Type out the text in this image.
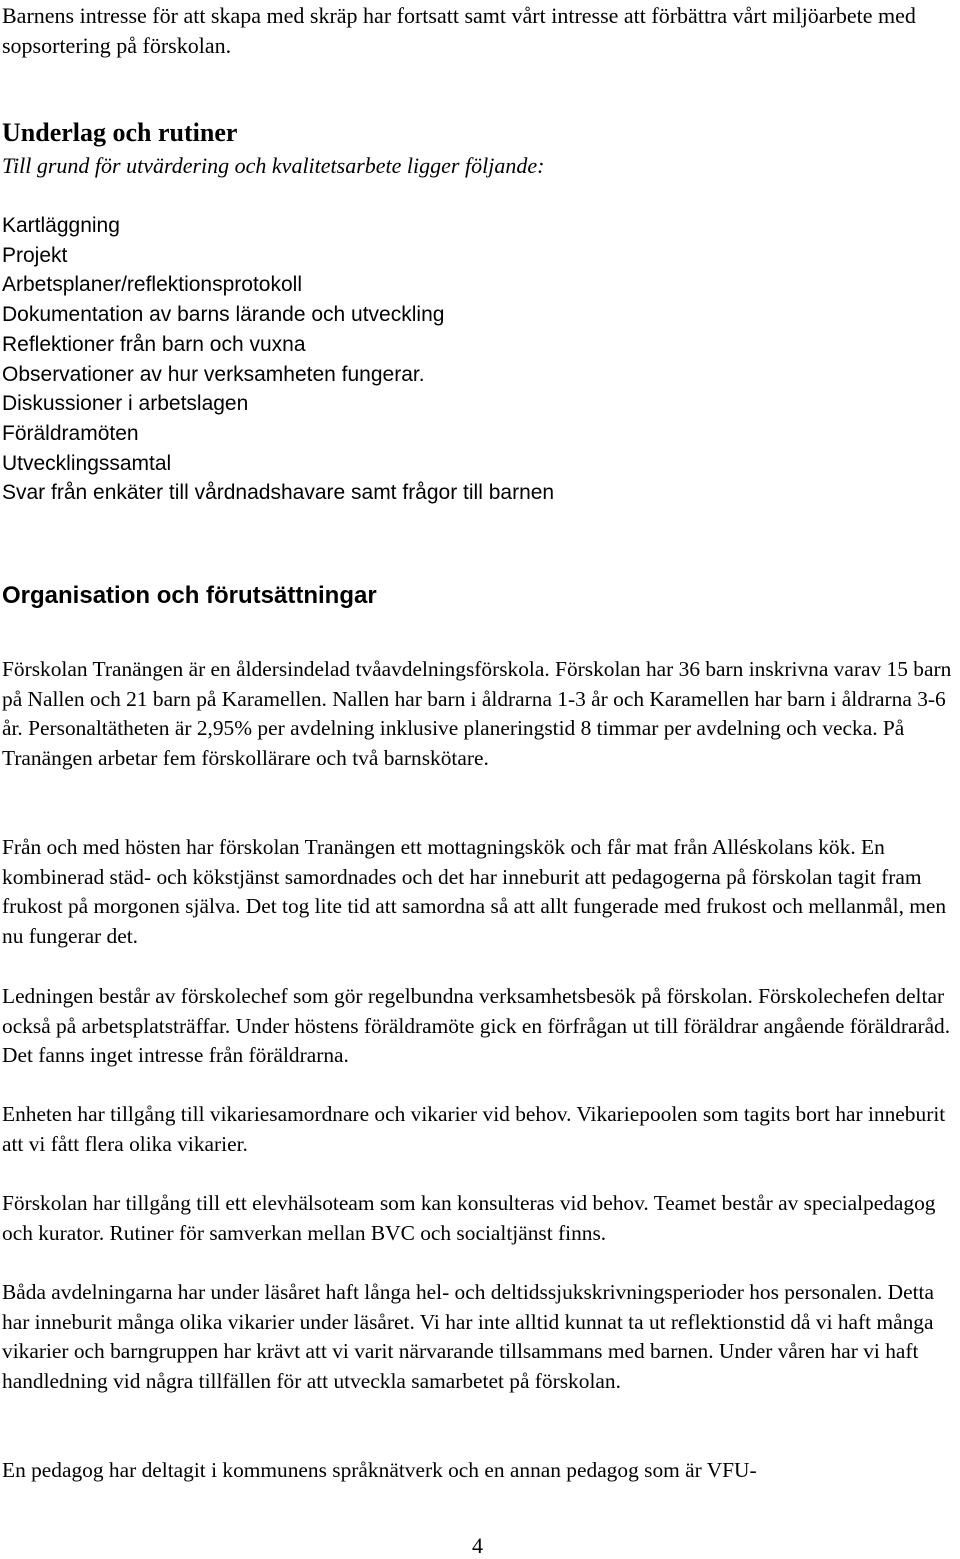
Barnens intresse för att skapa med skräp har fortsatt samt vårt intresse att förbättra vårt miljöarbete med sopsortering på förskolan.

Underlag och rutiner

Till grund för utvärdering och kvalitetsarbete ligger följande:

Kartläggning
Projekt
Arbetsplaner/reflektionsprotokoll
Dokumentation av barns lärande och utveckling
Reflektioner från barn och vuxna
Observationer av hur verksamheten fungerar.
Diskussioner i arbetslagen
Föräldramöten
Utvecklingssamtal
Svar från enkäter till vårdnadshavare samt frågor till barnen
Organisation och förutsättningar

Förskolan Tranängen är en åldersindelad tvåavdelningsförskola. Förskolan har 36 barn inskrivna varav 15 barn på Nallen och 21 barn på Karamellen. Nallen har barn i åldrarna 1-3 år och Karamellen har barn i åldrarna 3-6 år. Personaltätheten är 2,95% per avdelning inklusive planeringstid 8 timmar per avdelning och vecka. På Tranängen arbetar fem förskollärare och två barnskötare.

Från och med hösten har förskolan Tranängen ett mottagningskök och får mat från Alléskolans kök. En kombinerad städ- och kökstjänst samordnades och det har inneburit att pedagogerna på förskolan tagit fram frukost på morgonen själva. Det tog lite tid att samordna så att allt fungerade med frukost och mellanmål, men nu fungerar det.

Ledningen består av förskolechef som gör regelbundna verksamhetsbesök på förskolan. Förskolechefen deltar också på arbetsplatsträffar. Under höstens föräldramöte gick en förfrågan ut till föräldrar angående föräldraråd. Det fanns inget intresse från föräldrarna.

Enheten har tillgång till vikariesamordnare och vikarier vid behov. Vikariepoolen som tagits bort har inneburit att vi fått flera olika vikarier.

Förskolan har tillgång till ett elevhälsoteam som kan konsulteras vid behov. Teamet består av specialpedagog och kurator. Rutiner för samverkan mellan BVC och socialtjänst finns.

Båda avdelningarna har under läsåret haft långa hel- och deltidssjukskrivningsperioder hos personalen. Detta har inneburit många olika vikarier under läsåret. Vi har inte alltid kunnat ta ut reflektionstid då vi haft många vikarier och barngruppen har krävt att vi varit närvarande tillsammans med barnen. Under våren har vi haft handledning vid några tillfällen för att utveckla samarbetet på förskolan.

En pedagog har deltagit i kommunens språknätverk och en annan pedagog som är VFU-

4
